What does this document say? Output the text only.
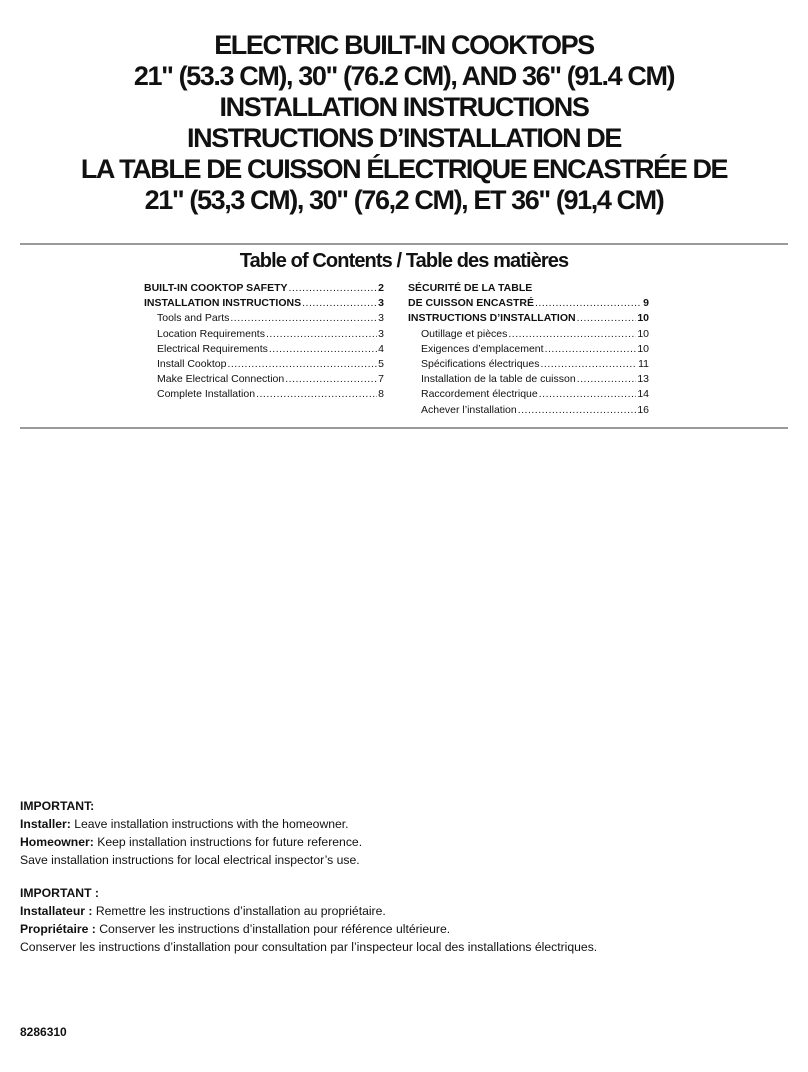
ELECTRIC BUILT-IN COOKTOPS
21" (53.3 CM), 30" (76.2 CM), AND 36" (91.4 CM)
INSTALLATION INSTRUCTIONS
INSTRUCTIONS D’INSTALLATION DE
LA TABLE DE CUISSON ÉLECTRIQUE ENCASTRÉE DE
21" (53,3 CM), 30" (76,2 CM), ET 36" (91,4 CM)
Table of Contents / Table des matières
BUILT-IN COOKTOP SAFETY .....	2
INSTALLATION INSTRUCTIONS .....	3
Tools and Parts .....	3
Location Requirements .....	3
Electrical Requirements .....	4
Install Cooktop .....	5
Make Electrical Connection .....	7
Complete Installation .....	8
SÉCURITÉ DE LA TABLE
DE CUISSON ENCASTRÉ .....	9
INSTRUCTIONS D’INSTALLATION .....	10
Outillage et pièces .....	10
Exigences d’emplacement .....	10
Spécifications électriques .....	11
Installation de la table de cuisson .....	13
Raccordement électrique .....	14
Achever l’installation .....	16
IMPORTANT:
Installer: Leave installation instructions with the homeowner.
Homeowner: Keep installation instructions for future reference.
Save installation instructions for local electrical inspector’s use.
IMPORTANT :
Installateur : Remettre les instructions d’installation au propriétaire.
Propriétaire : Conserver les instructions d’installation pour référence ultérieure.
Conserver les instructions d’installation pour consultation par l’inspecteur local des installations électriques.
8286310
